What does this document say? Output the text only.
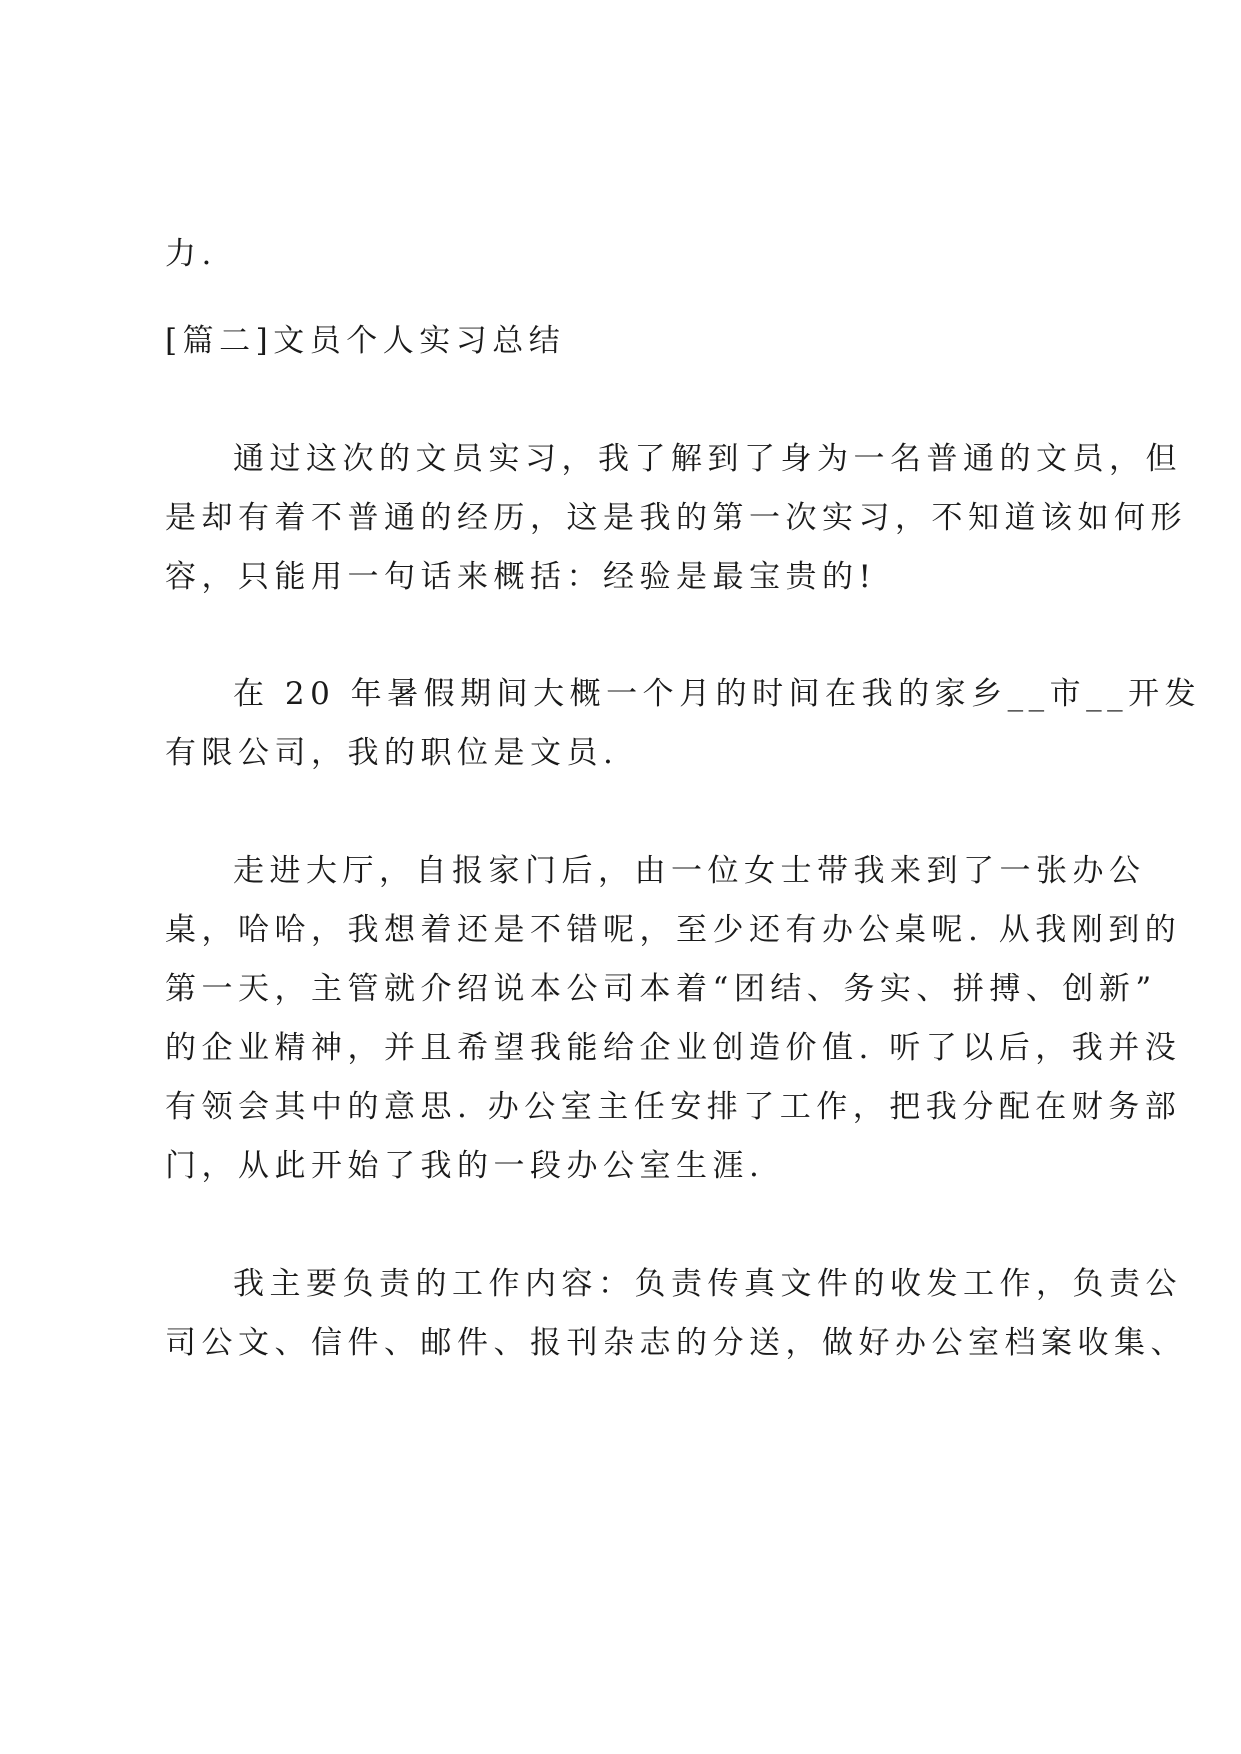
力.
[篇二]文员个人实习总结
通过这次的文员实习，我了解到了身为一名普通的文员，但
是却有着不普通的经历，这是我的第一次实习，不知道该如何形
容，只能用一句话来概括：经验是最宝贵的!
在 20 年暑假期间大概一个月的时间在我的家乡__市__开发
有限公司，我的职位是文员.
走进大厅，自报家门后，由一位女士带我来到了一张办公
桌，哈哈，我想着还是不错呢，至少还有办公桌呢. 从我刚到的
第一天，主管就介绍说本公司本着“团结、务实、拼搏、创新”
的企业精神，并且希望我能给企业创造价值. 听了以后，我并没
有领会其中的意思. 办公室主任安排了工作，把我分配在财务部
门，从此开始了我的一段办公室生涯.
我主要负责的工作内容：负责传真文件的收发工作，负责公
司公文、信件、邮件、报刊杂志的分送，做好办公室档案收集、
